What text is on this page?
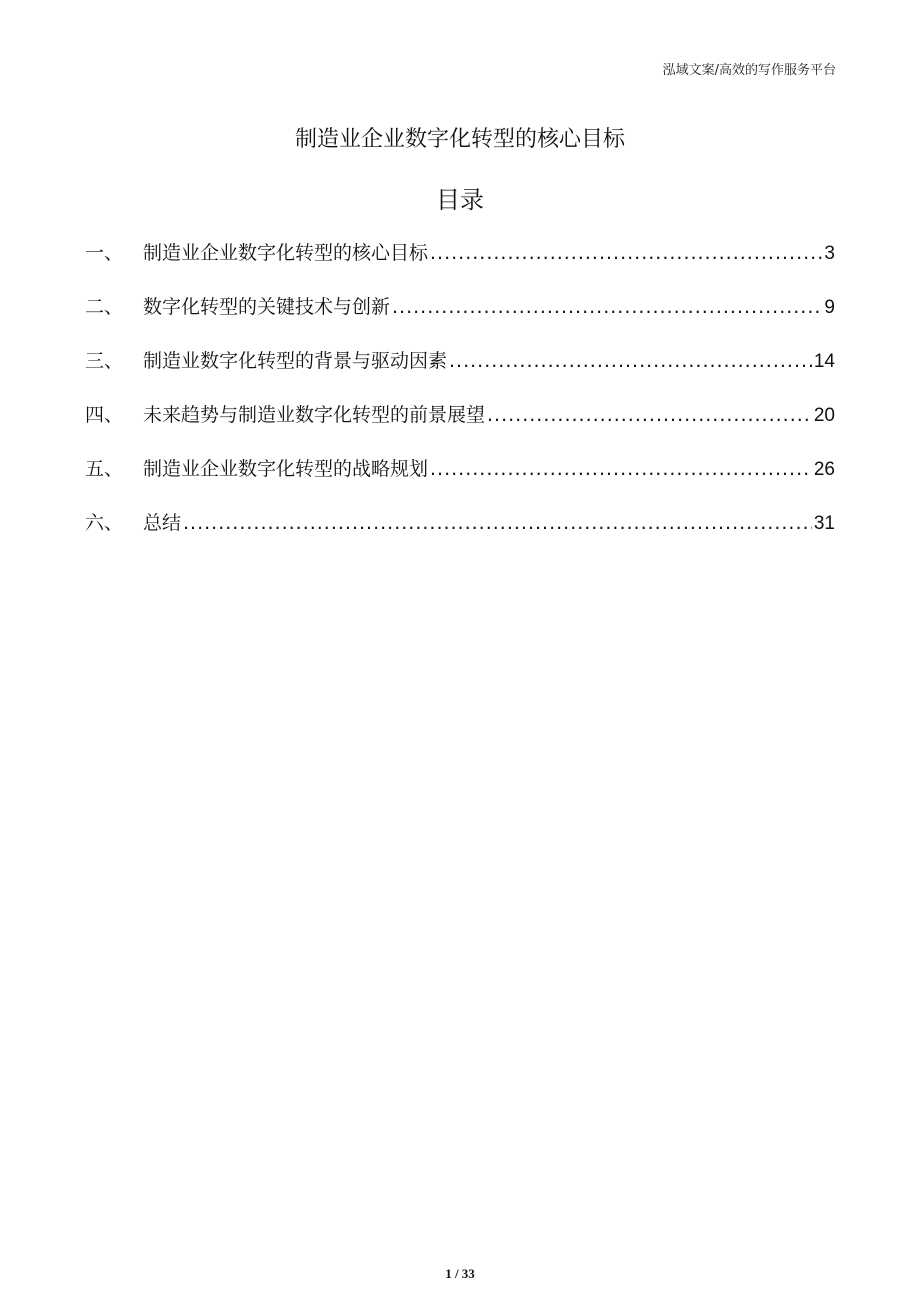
泓域文案/高效的写作服务平台
制造业企业数字化转型的核心目标
目录
一、	制造业企业数字化转型的核心目标 .....	3
二、	数字化转型的关键技术与创新 .....	9
三、	制造业数字化转型的背景与驱动因素 .....	14
四、	未来趋势与制造业数字化转型的前景展望 .....	20
五、	制造业企业数字化转型的战略规划 .....	26
六、	总结 .....	31
1 / 33
